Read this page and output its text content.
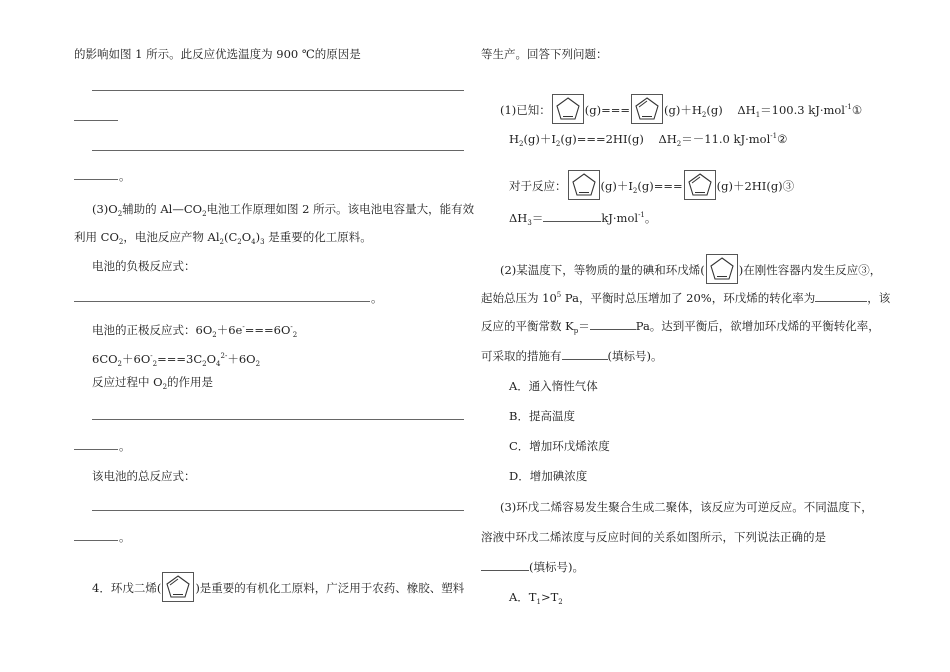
的影响如图 1 所示。此反应优选温度为 900 ℃的原因是
。
$(3)O_2$辅助的 $Al—CO_2$电池工作原理如图 2 所示。该电池电容量大，能有效
利用 $CO_2$，电池反应产物 $Al_2(C_2O_4)_3$ 是重要的化工原料。
电池的负极反应式：
。
电池的正极反应式：$6O_2+6e^-===6O^-_2$
$6CO_2+6O^-_2===3C_2O_4^{2-}+6O_2$
反应过程中 $O_2$的作用是
。
该电池的总反应式：
。
4．环戊二烯(	)是重要的有机化工原料，广泛用于农药、橡胶、塑料
等生产。回答下列问题：
(1)已知：	(g)===	$(g)+H_2(g)$ $\Delta H_1=100.3$ kJ·mol$^{-1}$①
$H_2(g)+I_2(g)===2HI(g)$ $\Delta H_2=-11.0$ kJ·mol$^{-1}$②
对于反应：	$(g)+I_2(g)===$	(g)＋2HI(g)③
$\Delta H_3=$	kJ·mol$^{-1}$。
(2)某温度下，等物质的量的碘和环戊烯(	)在刚性容器内发生反应③，
起始总压为 $10^5$ Pa，平衡时总压增加了 20%，环戊烯的转化率为	，该
反应的平衡常数 $K_p=$	Pa。达到平衡后，欲增加环戊烯的平衡转化率，
可采取的措施有	(填标号)。
A．通入惰性气体
B．提高温度
C．增加环戊烯浓度
D．增加碘浓度
(3)环戊二烯容易发生聚合生成二聚体，该反应为可逆反应。不同温度下，
溶液中环戊二烯浓度与反应时间的关系如图所示，下列说法正确的是
(填标号)。
A．$T_1>T_2$
